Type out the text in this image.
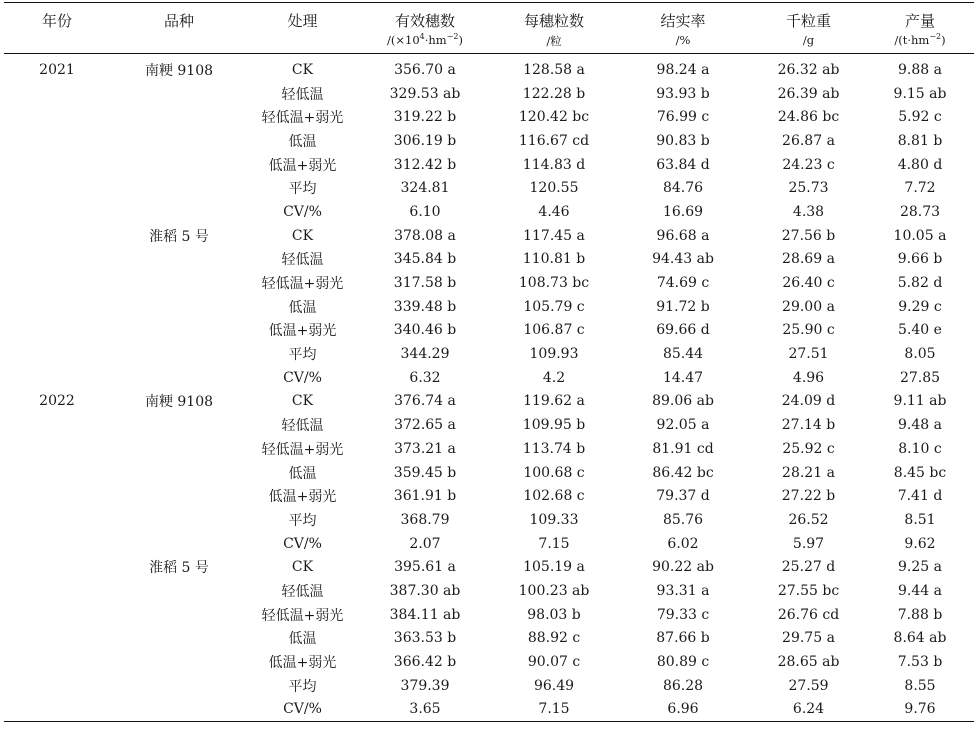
年份	品种	处理	有效穗数	每穗粒数	结实率	千粒重	产量
			$/(\times 10^4\cdot hm^{-2})$	/粒	/%	/g	$/(t\cdot hm^{-2})$
2021	南粳 9108	CK	356.70 a	128.58 a	98.24 a	26.32 ab	9.88 a
		轻低温	329.53 ab	122.28 b	93.93 b	26.39 ab	9.15 ab
		轻低温+弱光	319.22 b	120.42 bc	76.99 c	24.86 bc	5.92 c
		低温	306.19 b	116.67 cd	90.83 b	26.87 a	8.81 b
		低温+弱光	312.42 b	114.83 d	63.84 d	24.23 c	4.80 d
		平均	324.81	120.55	84.76	25.73	7.72
		CV/%	6.10	4.46	16.69	4.38	28.73
	淮稻 5 号	CK	378.08 a	117.45 a	96.68 a	27.56 b	10.05 a
		轻低温	345.84 b	110.81 b	94.43 ab	28.69 a	9.66 b
		轻低温+弱光	317.58 b	108.73 bc	74.69 c	26.40 c	5.82 d
		低温	339.48 b	105.79 c	91.72 b	29.00 a	9.29 c
		低温+弱光	340.46 b	106.87 c	69.66 d	25.90 c	5.40 e
		平均	344.29	109.93	85.44	27.51	8.05
		CV/%	6.32	4.2	14.47	4.96	27.85
2022	南粳 9108	CK	376.74 a	119.62 a	89.06 ab	24.09 d	9.11 ab
		轻低温	372.65 a	109.95 b	92.05 a	27.14 b	9.48 a
		轻低温+弱光	373.21 a	113.74 b	81.91 cd	25.92 c	8.10 c
		低温	359.45 b	100.68 c	86.42 bc	28.21 a	8.45 bc
		低温+弱光	361.91 b	102.68 c	79.37 d	27.22 b	7.41 d
		平均	368.79	109.33	85.76	26.52	8.51
		CV/%	2.07	7.15	6.02	5.97	9.62
	淮稻 5 号	CK	395.61 a	105.19 a	90.22 ab	25.27 d	9.25 a
		轻低温	387.30 ab	100.23 ab	93.31 a	27.55 bc	9.44 a
		轻低温+弱光	384.11 ab	98.03 b	79.33 c	26.76 cd	7.88 b
		低温	363.53 b	88.92 c	87.66 b	29.75 a	8.64 ab
		低温+弱光	366.42 b	90.07 c	80.89 c	28.65 ab	7.53 b
		平均	379.39	96.49	86.28	27.59	8.55
		CV/%	3.65	7.15	6.96	6.24	9.76
